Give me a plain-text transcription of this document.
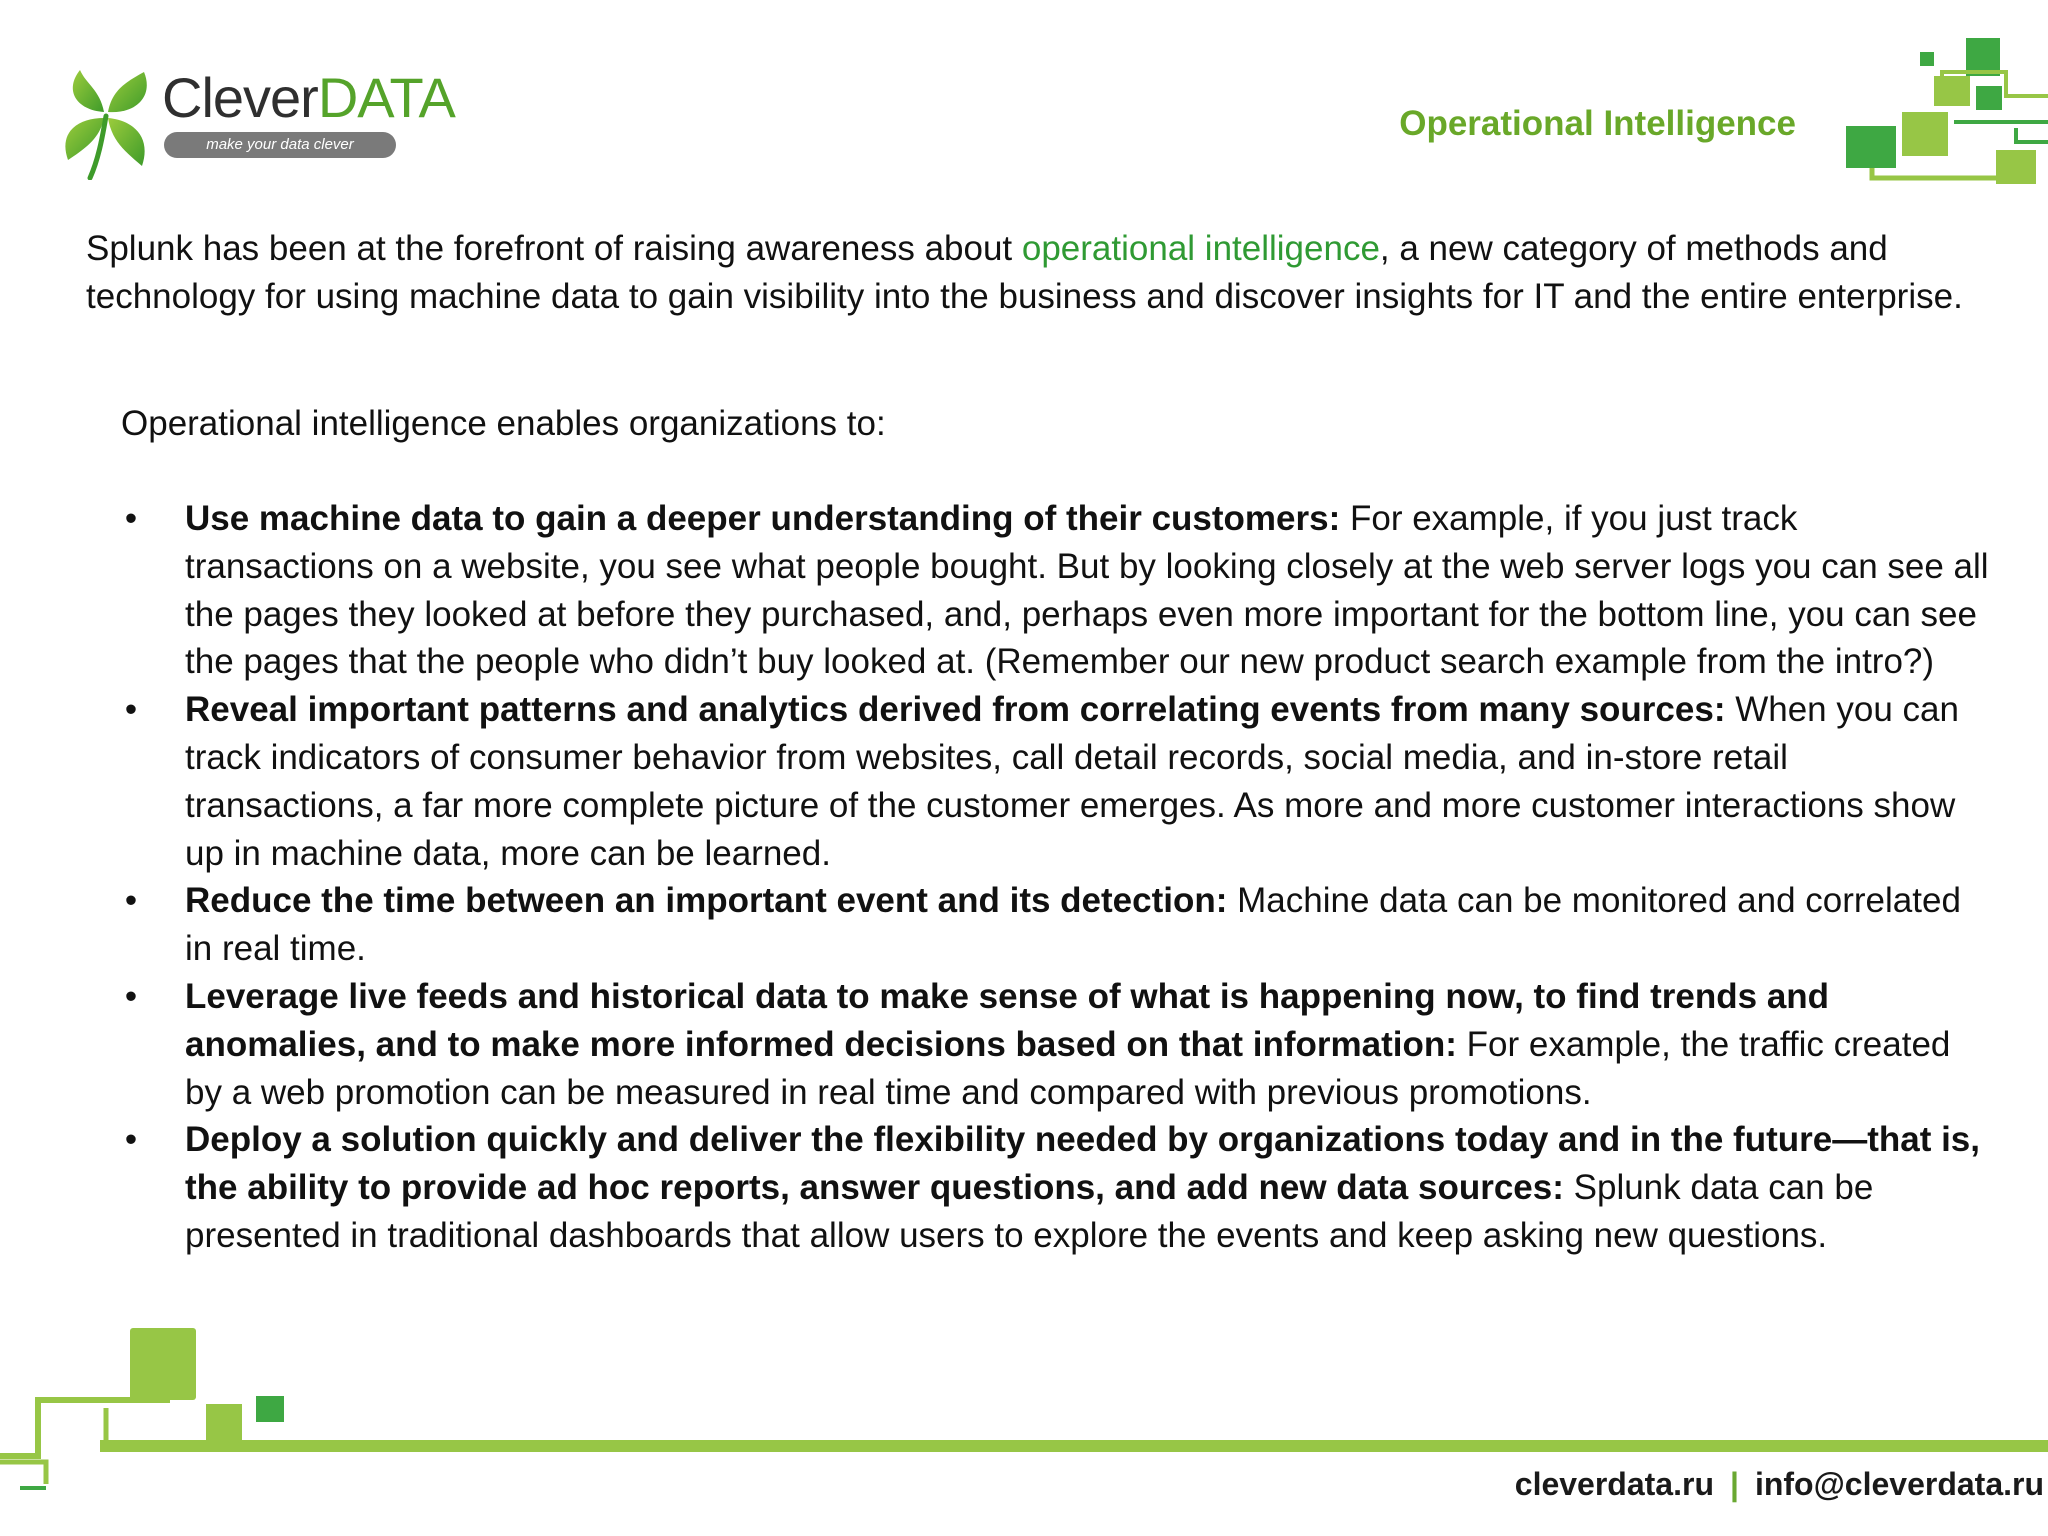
CleverDATA
make your data clever
Operational Intelligence

Splunk has been at the forefront of raising awareness about operational intelligence, a new category of methods and technology for using machine data to gain visibility into the business and discover insights for IT and the entire enterprise.

Operational intelligence enables organizations to:

• Use machine data to gain a deeper understanding of their customers: For example, if you just track transactions on a website, you see what people bought. But by looking closely at the web server logs you can see all the pages they looked at before they purchased, and, perhaps even more important for the bottom line, you can see the pages that the people who didn’t buy looked at. (Remember our new product search example from the intro?)
• Reveal important patterns and analytics derived from correlating events from many sources: When you can track indicators of consumer behavior from websites, call detail records, social media, and in-store retail transactions, a far more complete picture of the customer emerges. As more and more customer interactions show up in machine data, more can be learned.
• Reduce the time between an important event and its detection: Machine data can be monitored and correlated in real time.
• Leverage live feeds and historical data to make sense of what is happening now, to find trends and anomalies, and to make more informed decisions based on that information: For example, the traffic created by a web promotion can be measured in real time and compared with previous promotions.
• Deploy a solution quickly and deliver the flexibility needed by organizations today and in the future—that is, the ability to provide ad hoc reports, answer questions, and add new data sources: Splunk data can be presented in traditional dashboards that allow users to explore the events and keep asking new questions.
cleverdata.ru | info@cleverdata.ru
